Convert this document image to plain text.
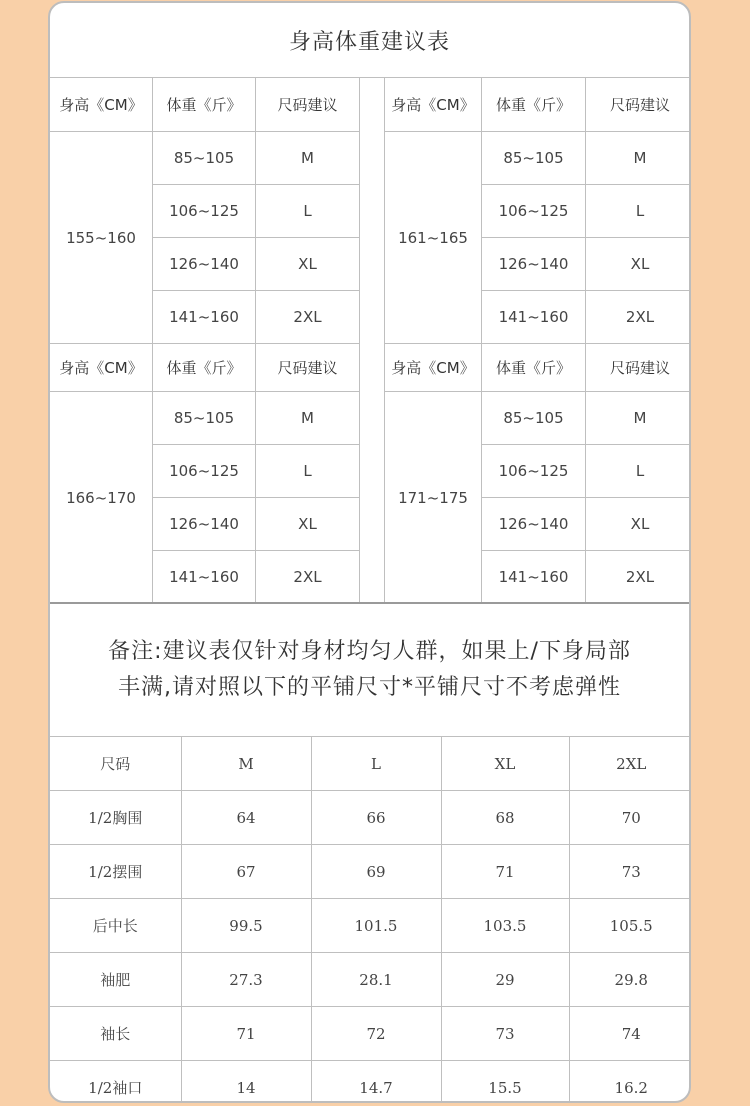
身高体重建议表
身高《CM》	体重《斤》	尺码建议
155~160	85~105	M
	106~125	L
	126~140	XL
	141~160	2XL
身高《CM》	体重《斤》	尺码建议
161~165	85~105	M
	106~125	L
	126~140	XL
	141~160	2XL
身高《CM》	体重《斤》	尺码建议
166~170	85~105	M
	106~125	L
	126~140	XL
	141~160	2XL
身高《CM》	体重《斤》	尺码建议
171~175	85~105	M
	106~125	L
	126~140	XL
	141~160	2XL
备注:建议表仅针对身材均匀人群，如果上/下身局部
丰满,请对照以下的平铺尺寸*平铺尺寸不考虑弹性
尺码	M	L	XL	2XL
1/2胸围	64	66	68	70
1/2摆围	67	69	71	73
后中长	99.5	101.5	103.5	105.5
袖肥	27.3	28.1	29	29.8
袖长	71	72	73	74
1/2袖口	14	14.7	15.5	16.2
